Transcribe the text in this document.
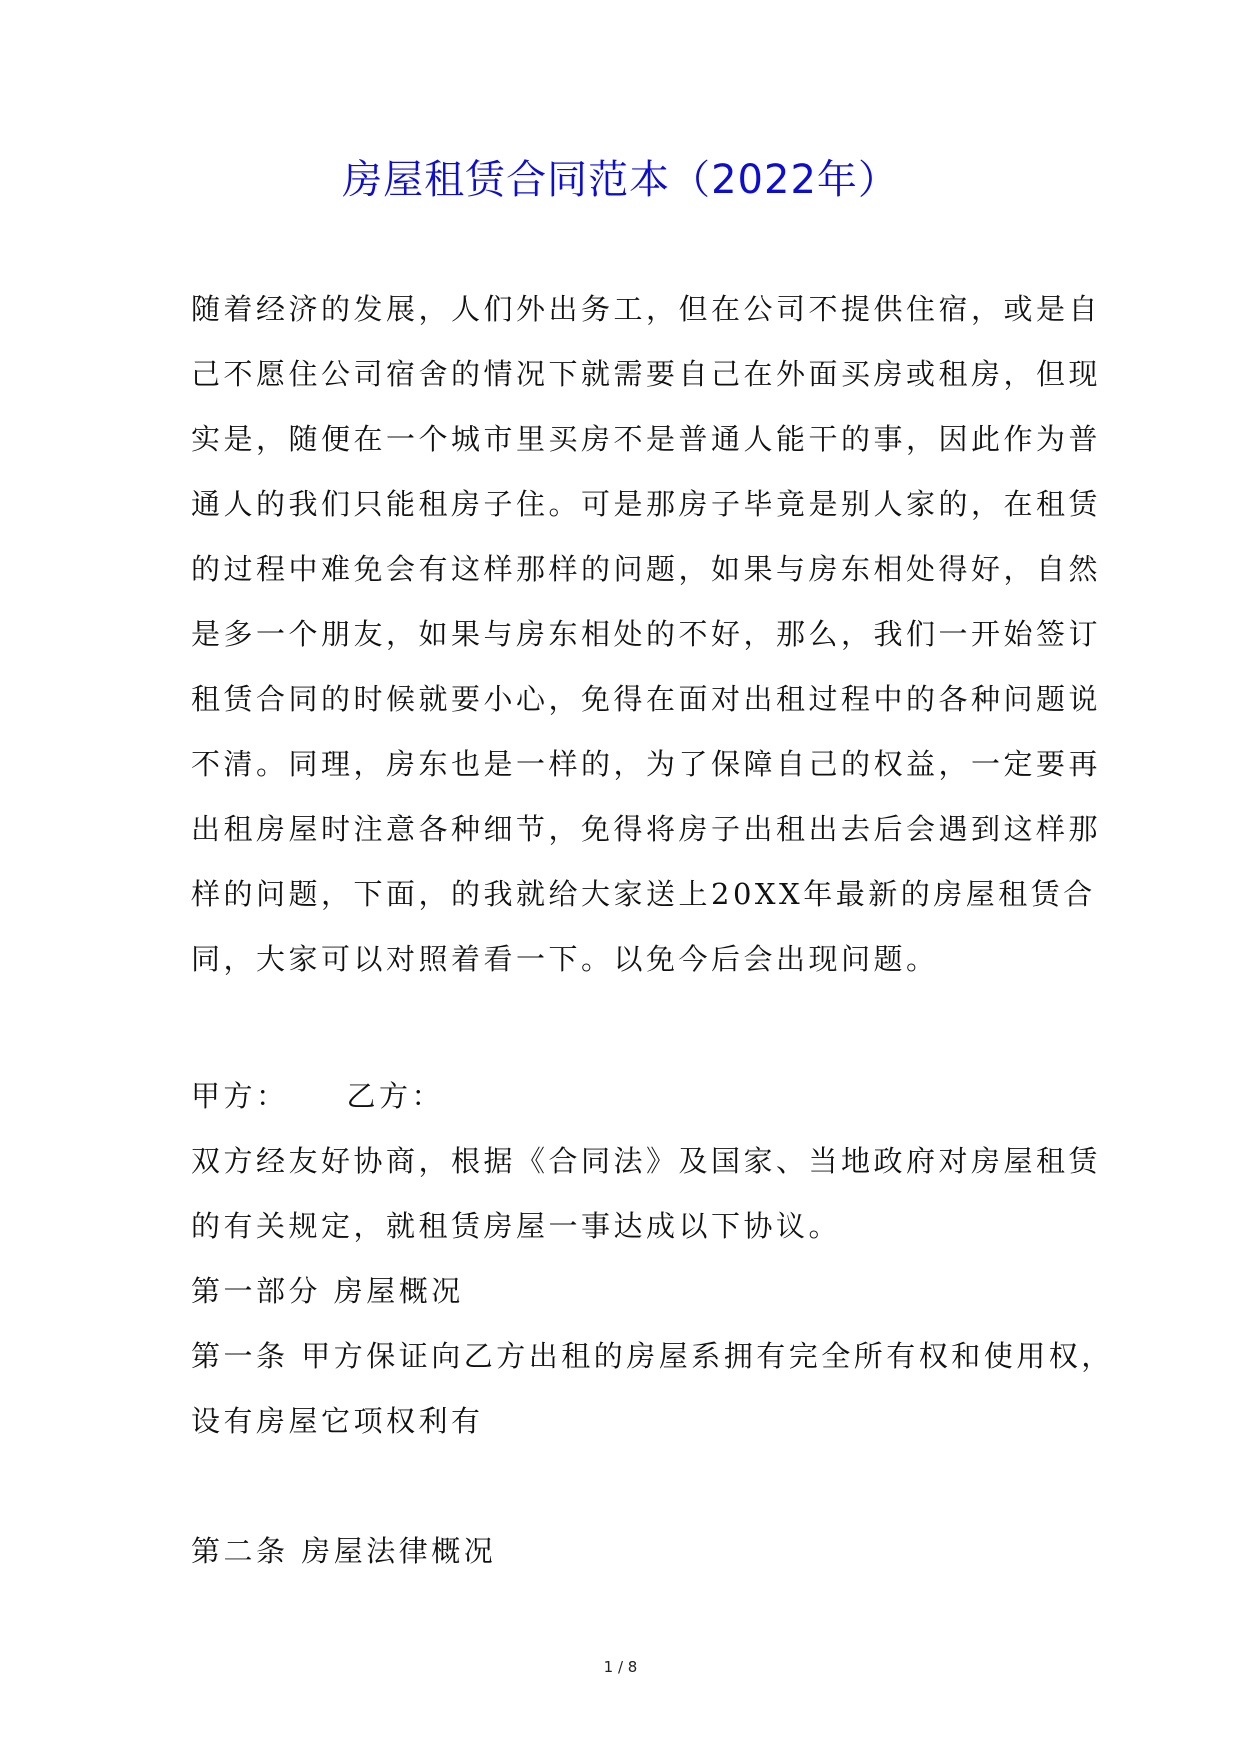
房屋租赁合同范本（2022年）
随着经济的发展，人们外出务工，但在公司不提供住宿，或是自
己不愿住公司宿舍的情况下就需要自己在外面买房或租房，但现
实是，随便在一个城市里买房不是普通人能干的事，因此作为普
通人的我们只能租房子住。可是那房子毕竟是别人家的，在租赁
的过程中难免会有这样那样的问题，如果与房东相处得好，自然
是多一个朋友，如果与房东相处的不好，那么，我们一开始签订
租赁合同的时候就要小心，免得在面对出租过程中的各种问题说
不清。同理，房东也是一样的，为了保障自己的权益，一定要再
出租房屋时注意各种细节，免得将房子出租出去后会遇到这样那
样的问题，下面，的我就给大家送上20XX年最新的房屋租赁合
同，大家可以对照着看一下。以免今后会出现问题。
甲方： 乙方：
双方经友好协商，根据《合同法》及国家、当地政府对房屋租赁
的有关规定，就租赁房屋一事达成以下协议。
第一部分 房屋概况
第一条 甲方保证向乙方出租的房屋系拥有完全所有权和使用权，
设有房屋它项权利有
第二条 房屋法律概况
1 / 8
